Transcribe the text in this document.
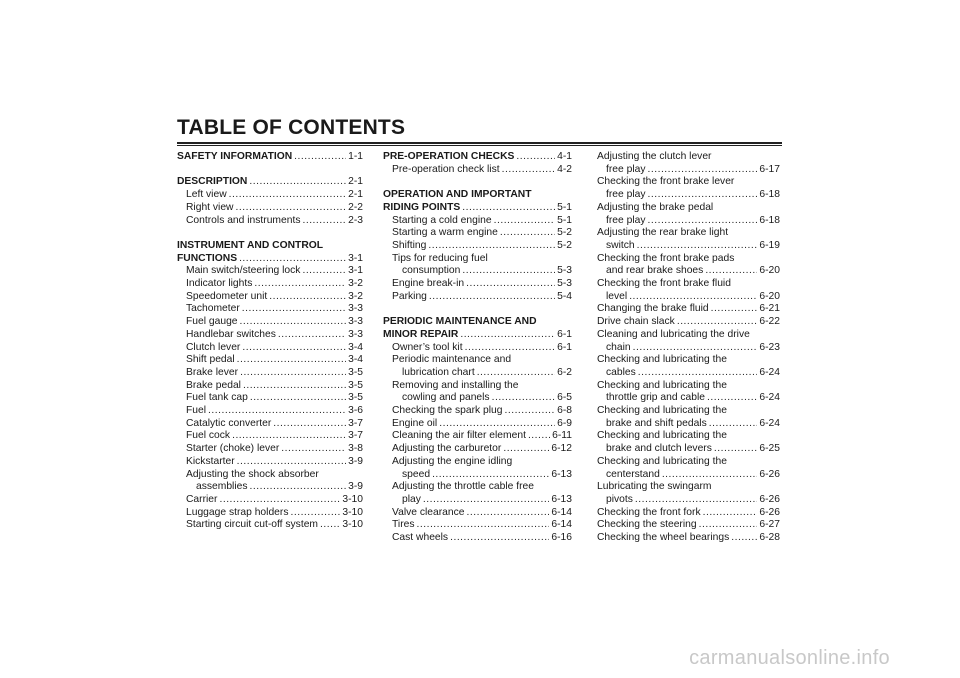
TABLE OF CONTENTS
SAFETY INFORMATION .....	1-1
DESCRIPTION .....	2-1
Left view .....	2-1
Right view .....	2-2
Controls and instruments .....	2-3
INSTRUMENT AND CONTROL
FUNCTIONS .....	3-1
Main switch/steering lock .....	3-1
Indicator lights .....	3-2
Speedometer unit .....	3-2
Tachometer .....	3-3
Fuel gauge .....	3-3
Handlebar switches .....	3-3
Clutch lever .....	3-4
Shift pedal .....	3-4
Brake lever .....	3-5
Brake pedal .....	3-5
Fuel tank cap .....	3-5
Fuel .....	3-6
Catalytic converter .....	3-7
Fuel cock .....	3-7
Starter (choke) lever .....	3-8
Kickstarter .....	3-9
Adjusting the shock absorber
assemblies .....	3-9
Carrier .....	3-10
Luggage strap holders .....	3-10
Starting circuit cut-off system ..... 3-10
PRE-OPERATION CHECKS .....	4-1
Pre-operation check list .....	4-2
OPERATION AND IMPORTANT
RIDING POINTS .....	5-1
Starting a cold engine .....	5-1
Starting a warm engine .....	5-2
Shifting .....	5-2
Tips for reducing fuel
consumption .....	5-3
Engine break-in .....	5-3
Parking .....	5-4
PERIODIC MAINTENANCE AND
MINOR REPAIR .....	6-1
Owner’s tool kit .....	6-1
Periodic maintenance and
lubrication chart .....	6-2
Removing and installing the
cowling and panels .....	6-5
Checking the spark plug .....	6-8
Engine oil .....	6-9
Cleaning the air filter element .....	6-11
Adjusting the carburetor .....	6-12
Adjusting the engine idling
speed .....	6-13
Adjusting the throttle cable free
play .....	6-13
Valve clearance .....	6-14
Tires .....	6-14
Cast wheels .....	6-16
Adjusting the clutch lever
free play .....	6-17
Checking the front brake lever
free play .....	6-18
Adjusting the brake pedal
free play .....	6-18
Adjusting the rear brake light
switch .....	6-19
Checking the front brake pads
and rear brake shoes .....	6-20
Checking the front brake fluid
level .....	6-20
Changing the brake fluid .....	6-21
Drive chain slack .....	6-22
Cleaning and lubricating the drive
chain .....	6-23
Checking and lubricating the
cables .....	6-24
Checking and lubricating the
throttle grip and cable .....	6-24
Checking and lubricating the
brake and shift pedals .....	6-24
Checking and lubricating the
brake and clutch levers .....	6-25
Checking and lubricating the
centerstand .....	6-26
Lubricating the swingarm
pivots .....	6-26
Checking the front fork .....	6-26
Checking the steering .....	6-27
Checking the wheel bearings .....	6-28
carmanualsonline.info
